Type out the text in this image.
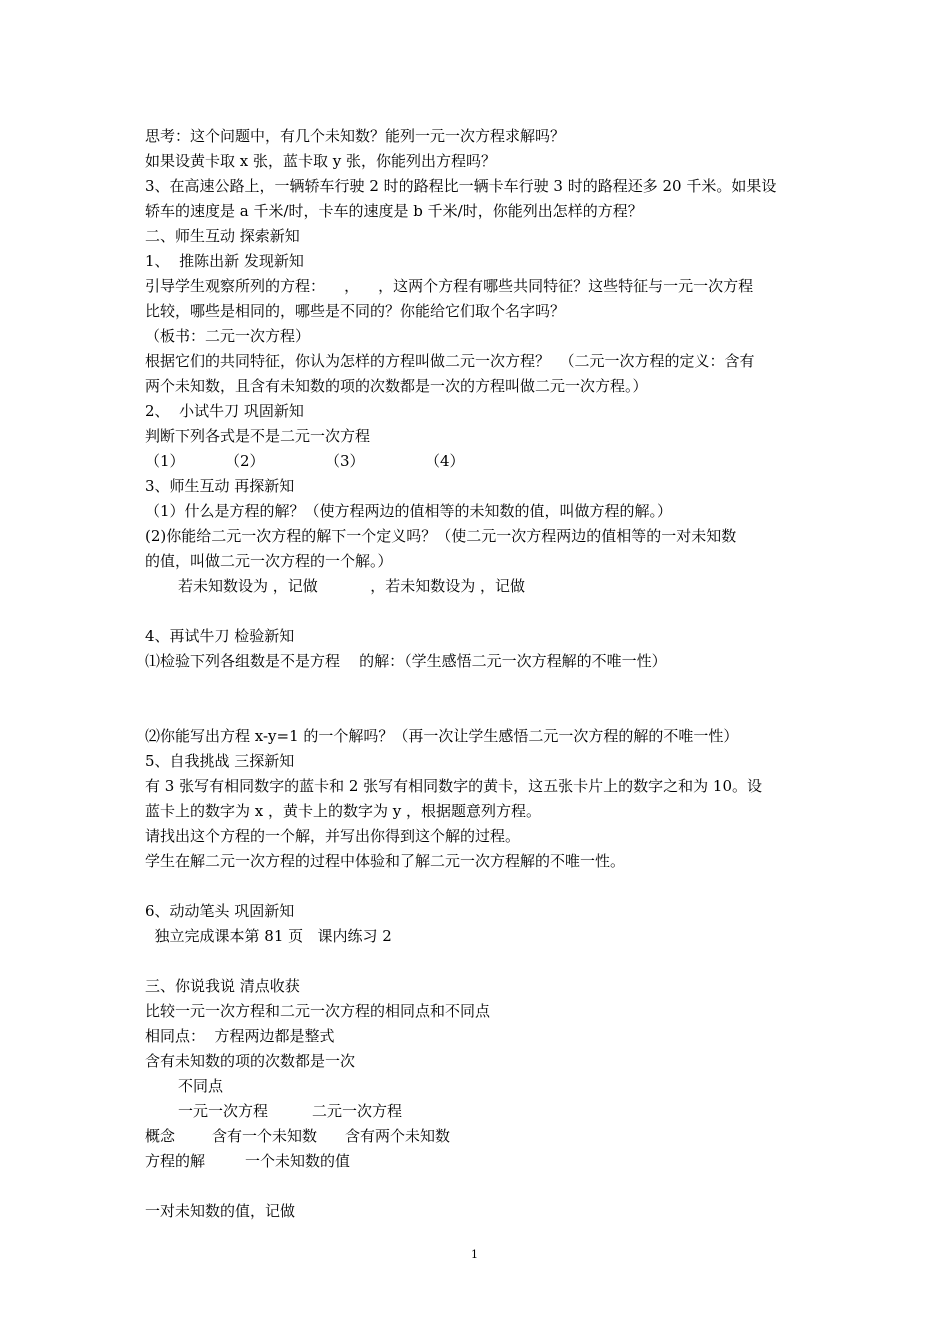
思考：这个问题中，有几个未知数？能列一元一次方程求解吗？
如果设黄卡取 x 张，蓝卡取 y 张，你能列出方程吗？
3、在高速公路上，一辆轿车行驶 2 时的路程比一辆卡车行驶 3 时的路程还多 20 千米。如果设
轿车的速度是 a 千米/时，卡车的速度是 b 千米/时，你能列出怎样的方程？
二、师生互动 探索新知
1、  推陈出新 发现新知
引导学生观察所列的方程：    ，    ，这两个方程有哪些共同特征？这些特征与一元一次方程
比较，哪些是相同的，哪些是不同的？你能给它们取个名字吗？
（板书：二元一次方程）
根据它们的共同特征，你认为怎样的方程叫做二元一次方程？  （二元一次方程的定义：含有
两个未知数，且含有未知数的项的次数都是一次的方程叫做二元一次方程。）
2、  小试牛刀 巩固新知
判断下列各式是不是二元一次方程
（1）	（2）	（3）	（4）
3、师生互动 再探新知
（1）什么是方程的解？（使方程两边的值相等的未知数的值，叫做方程的解。）
(2)你能给二元一次方程的解下一个定义吗？（使二元一次方程两边的值相等的一对未知数
的值，叫做二元一次方程的一个解。）
若未知数设为 ，记做           ，若未知数设为 ，记做
4、再试牛刀 检验新知
⑴检验下列各组数是不是方程    的解：（学生感悟二元一次方程解的不唯一性）
⑵你能写出方程 x-y=1 的一个解吗？（再一次让学生感悟二元一次方程的解的不唯一性）
5、自我挑战 三探新知
有 3 张写有相同数字的蓝卡和 2 张写有相同数字的黄卡，这五张卡片上的数字之和为 10。设
蓝卡上的数字为 x ，黄卡上的数字为 y ，根据题意列方程。
请找出这个方程的一个解，并写出你得到这个解的过程。
学生在解二元一次方程的过程中体验和了解二元一次方程解的不唯一性。
6、动动笔头 巩固新知
独立完成课本第 81 页   课内练习 2
三、你说我说 清点收获
比较一元一次方程和二元一次方程的相同点和不同点
相同点：  方程两边都是整式
含有未知数的项的次数都是一次
不同点
一元一次方程	二元一次方程
概念 含有一个未知数 含有两个未知数
方程的解	一个未知数的值
一对未知数的值，记做
1
